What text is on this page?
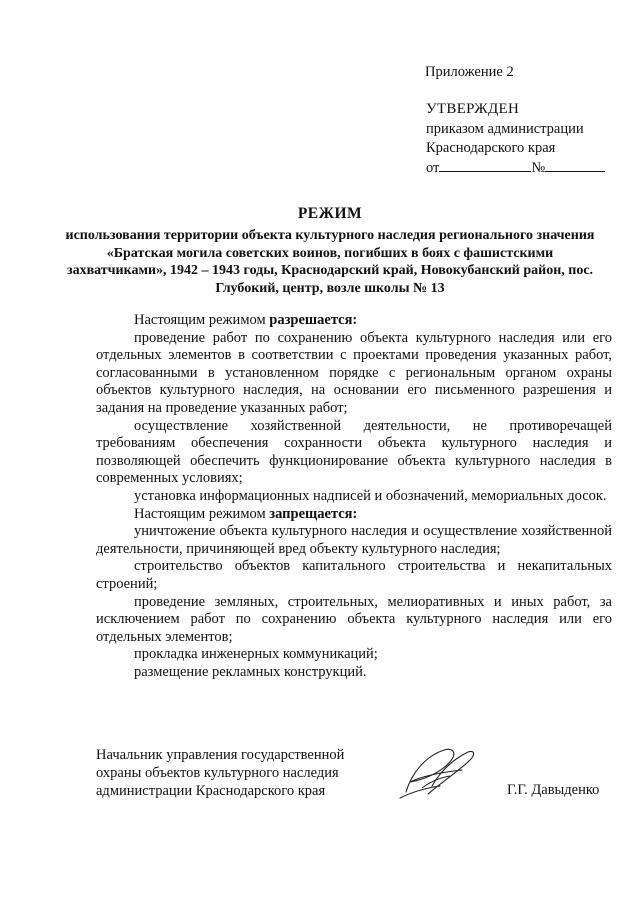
Приложение 2
УТВЕРЖДЕН
приказом администрации
Краснодарского края
от	№
РЕЖИМ
использования территории объекта культурного наследия регионального значения «Братская могила советских воинов, погибших в боях с фашистскими захватчиками», 1942 – 1943 годы, Краснодарский край, Новокубанский район, пос. Глубокий, центр, возле школы № 13

Настоящим режимом разрешается:

проведение работ по сохранению объекта культурного наследия или его отдельных элементов в соответствии с проектами проведения указанных работ, согласованными в установленном порядке с региональным органом охраны объектов культурного наследия, на основании его письменного разрешения и задания на проведение указанных работ;

осуществление хозяйственной деятельности, не противоречащей требованиям обеспечения сохранности объекта культурного наследия и позволяющей обеспечить функционирование объекта культурного наследия в современных условиях;

установка информационных надписей и обозначений, мемориальных досок.

Настоящим режимом запрещается:

уничтожение объекта культурного наследия и осуществление хозяйственной деятельности, причиняющей вред объекту культурного наследия;

строительство объектов капитального строительства и некапитальных строений;

проведение земляных, строительных, мелиоративных и иных работ, за исключением работ по сохранению объекта культурного наследия или его отдельных элементов;

прокладка инженерных коммуникаций;

размещение рекламных конструкций.

Начальник управления государственной
охраны объектов культурного наследия
администрации Краснодарского края	Г.Г. Давыденко
